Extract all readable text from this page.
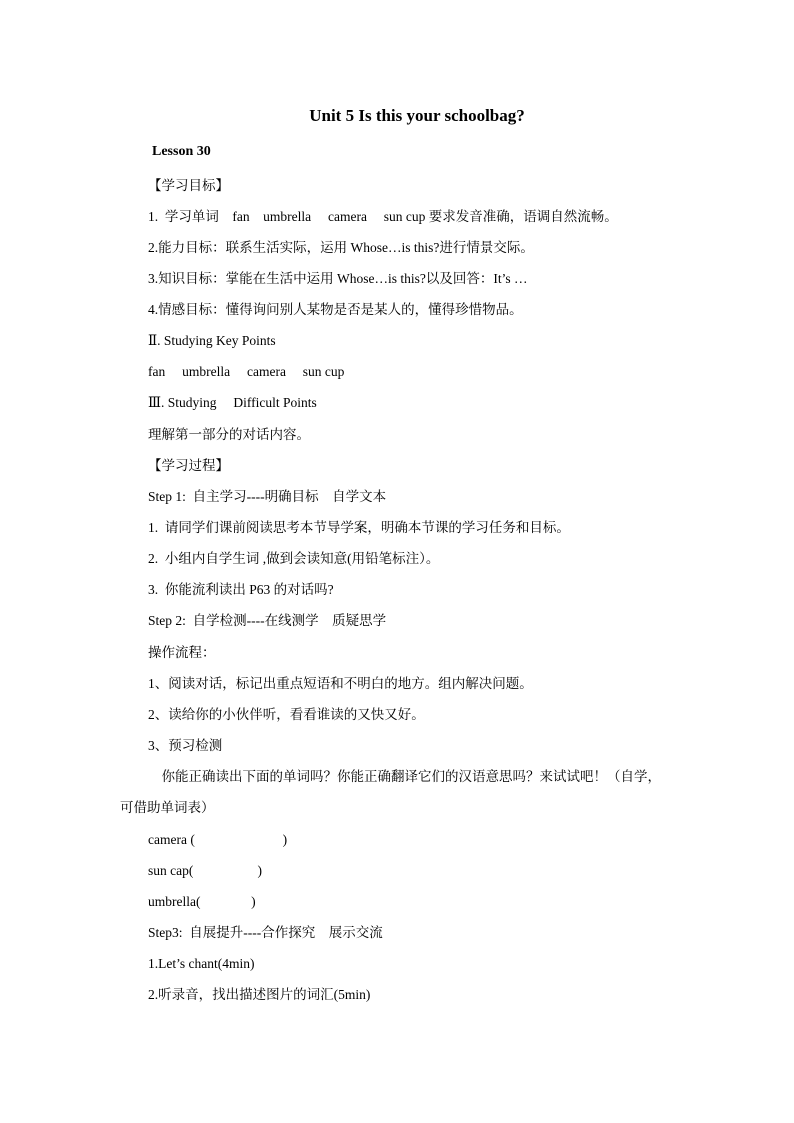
Unit 5 Is this your schoolbag?
Lesson 30
【学习目标】
1.  学习单词    fan    umbrella     camera     sun cup 要求发音准确，语调自然流畅。
2.能力目标：联系生活实际，运用 Whose…is this?进行情景交际。
3.知识目标：掌能在生活中运用 Whose…is this?以及回答：It’s …
4.情感目标：懂得询问别人某物是否是某人的，懂得珍惜物品。
Ⅱ. Studying Key Points
fan     umbrella     camera     sun cup
Ⅲ. Studying     Difficult Points
理解第一部分的对话内容。
【学习过程】
Step 1:  自主学习----明确目标    自学文本
1.  请同学们课前阅读思考本节导学案，明确本节课的学习任务和目标。
2.  小组内自学生词 ,做到会读知意(用铅笔标注）。
3.  你能流利读出 P63 的对话吗?
Step 2:  自学检测----在线测学    质疑思学
操作流程：
1、阅读对话，标记出重点短语和不明白的地方。组内解决问题。
2、读给你的小伙伴听，看看谁读的又快又好。
3、预习检测
你能正确读出下面的单词吗？你能正确翻译它们的汉语意思吗？来试试吧！（自学，
可借助单词表）
camera (                          )
sun cap(                   )
umbrella(               )
Step3:  自展提升----合作探究    展示交流
1.Let’s chant(4min)
2.听录音，找出描述图片的词汇(5min)
